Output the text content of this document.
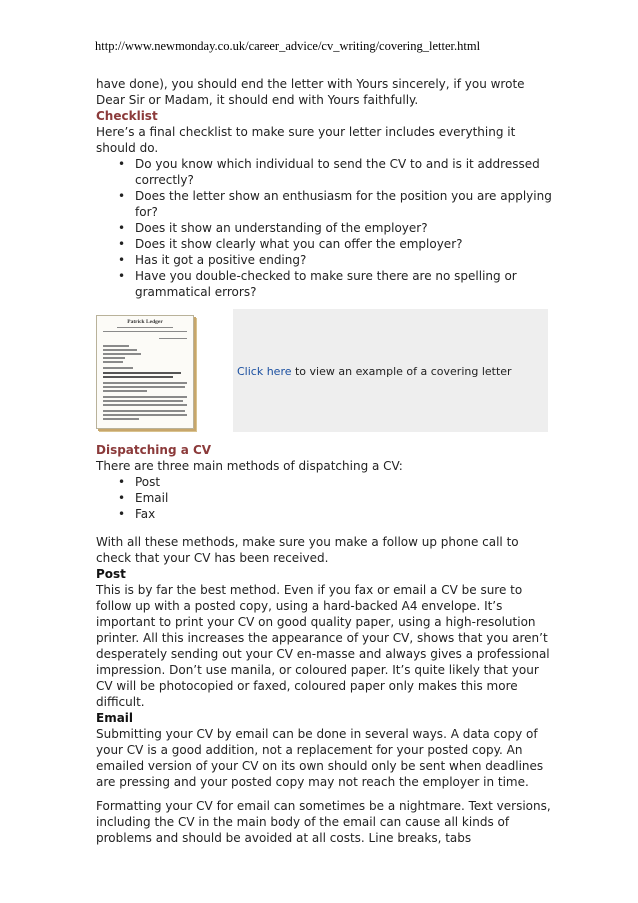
http://www.newmonday.co.uk/career_advice/cv_writing/covering_letter.html

have done), you should end the letter with Yours sincerely, if you wrote Dear Sir or Madam, it should end with Yours faithfully.

Checklist

Here’s a final checklist to make sure your letter includes everything it should do.

• Do you know which individual to send the CV to and is it addressed correctly?
• Does the letter show an enthusiasm for the position you are applying for?
• Does it show an understanding of the employer?
• Does it show clearly what you can offer the employer?
• Has it got a positive ending?
• Have you double-checked to make sure there are no spelling or grammatical errors?
Patrick Ledger
Click here to view an example of a covering letter

Dispatching a CV

There are three main methods of dispatching a CV:

• Post
• Email
• Fax

With all these methods, make sure you make a follow up phone call to check that your CV has been received.

Post

This is by far the best method. Even if you fax or email a CV be sure to follow up with a posted copy, using a hard-backed A4 envelope. It’s important to print your CV on good quality paper, using a high-resolution printer. All this increases the appearance of your CV, shows that you aren’t desperately sending out your CV en-masse and always gives a professional impression. Don’t use manila, or coloured paper. It’s quite likely that your CV will be photocopied or faxed, coloured paper only makes this more difficult.

Email

Submitting your CV by email can be done in several ways. A data copy of your CV is a good addition, not a replacement for your posted copy. An emailed version of your CV on its own should only be sent when deadlines are pressing and your posted copy may not reach the employer in time.

Formatting your CV for email can sometimes be a nightmare. Text versions, including the CV in the main body of the email can cause all kinds of problems and should be avoided at all costs. Line breaks, tabs
